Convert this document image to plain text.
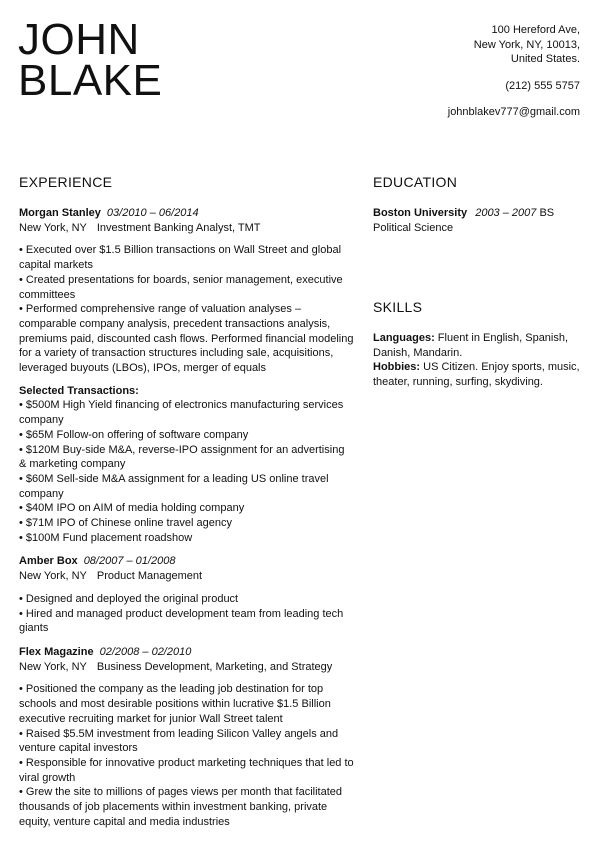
JOHN
BLAKE
100 Hereford Ave,
New York, NY, 10013,
United States.
(212) 555 5757
johnblakev777@gmail.com
EXPERIENCE	EDUCATION
SKILLS
Morgan Stanley 03/2010 – 06/2014
New York, NY Investment Banking Analyst, TMT
• Executed over $1.5 Billion transactions on Wall Street and global capital markets
• Created presentations for boards, senior management, executive committees
• Performed comprehensive range of valuation analyses – comparable company analysis, precedent transactions analysis, premiums paid, discounted cash flows. Performed financial modeling for a variety of transaction structures including sale, acquisitions, leveraged buyouts (LBOs), IPOs, merger of equals
Selected Transactions:
• $500M High Yield financing of electronics manufacturing services company
• $65M Follow-on offering of software company
• $120M Buy-side M&A, reverse-IPO assignment for an advertising & marketing company
• $60M Sell-side M&A assignment for a leading US online travel company
• $40M IPO on AIM of media holding company
• $71M IPO of Chinese online travel agency
• $100M Fund placement roadshow
Amber Box 08/2007 – 01/2008
New York, NY Product Management
• Designed and deployed the original product
• Hired and managed product development team from leading tech giants
Flex Magazine 02/2008 – 02/2010
New York, NY Business Development, Marketing, and Strategy
• Positioned the company as the leading job destination for top schools and most desirable positions within lucrative $1.5 Billion executive recruiting market for junior Wall Street talent
• Raised $5.5M investment from leading Silicon Valley angels and venture capital investors
• Responsible for innovative product marketing techniques that led to viral growth
• Grew the site to millions of pages views per month that facilitated thousands of job placements within investment banking, private equity, venture capital and media industries
Boston University 2003 – 2007 BS Political Science
Languages: Fluent in English, Spanish, Danish, Mandarin.
Hobbies: US Citizen. Enjoy sports, music, theater, running, surfing, skydiving.
